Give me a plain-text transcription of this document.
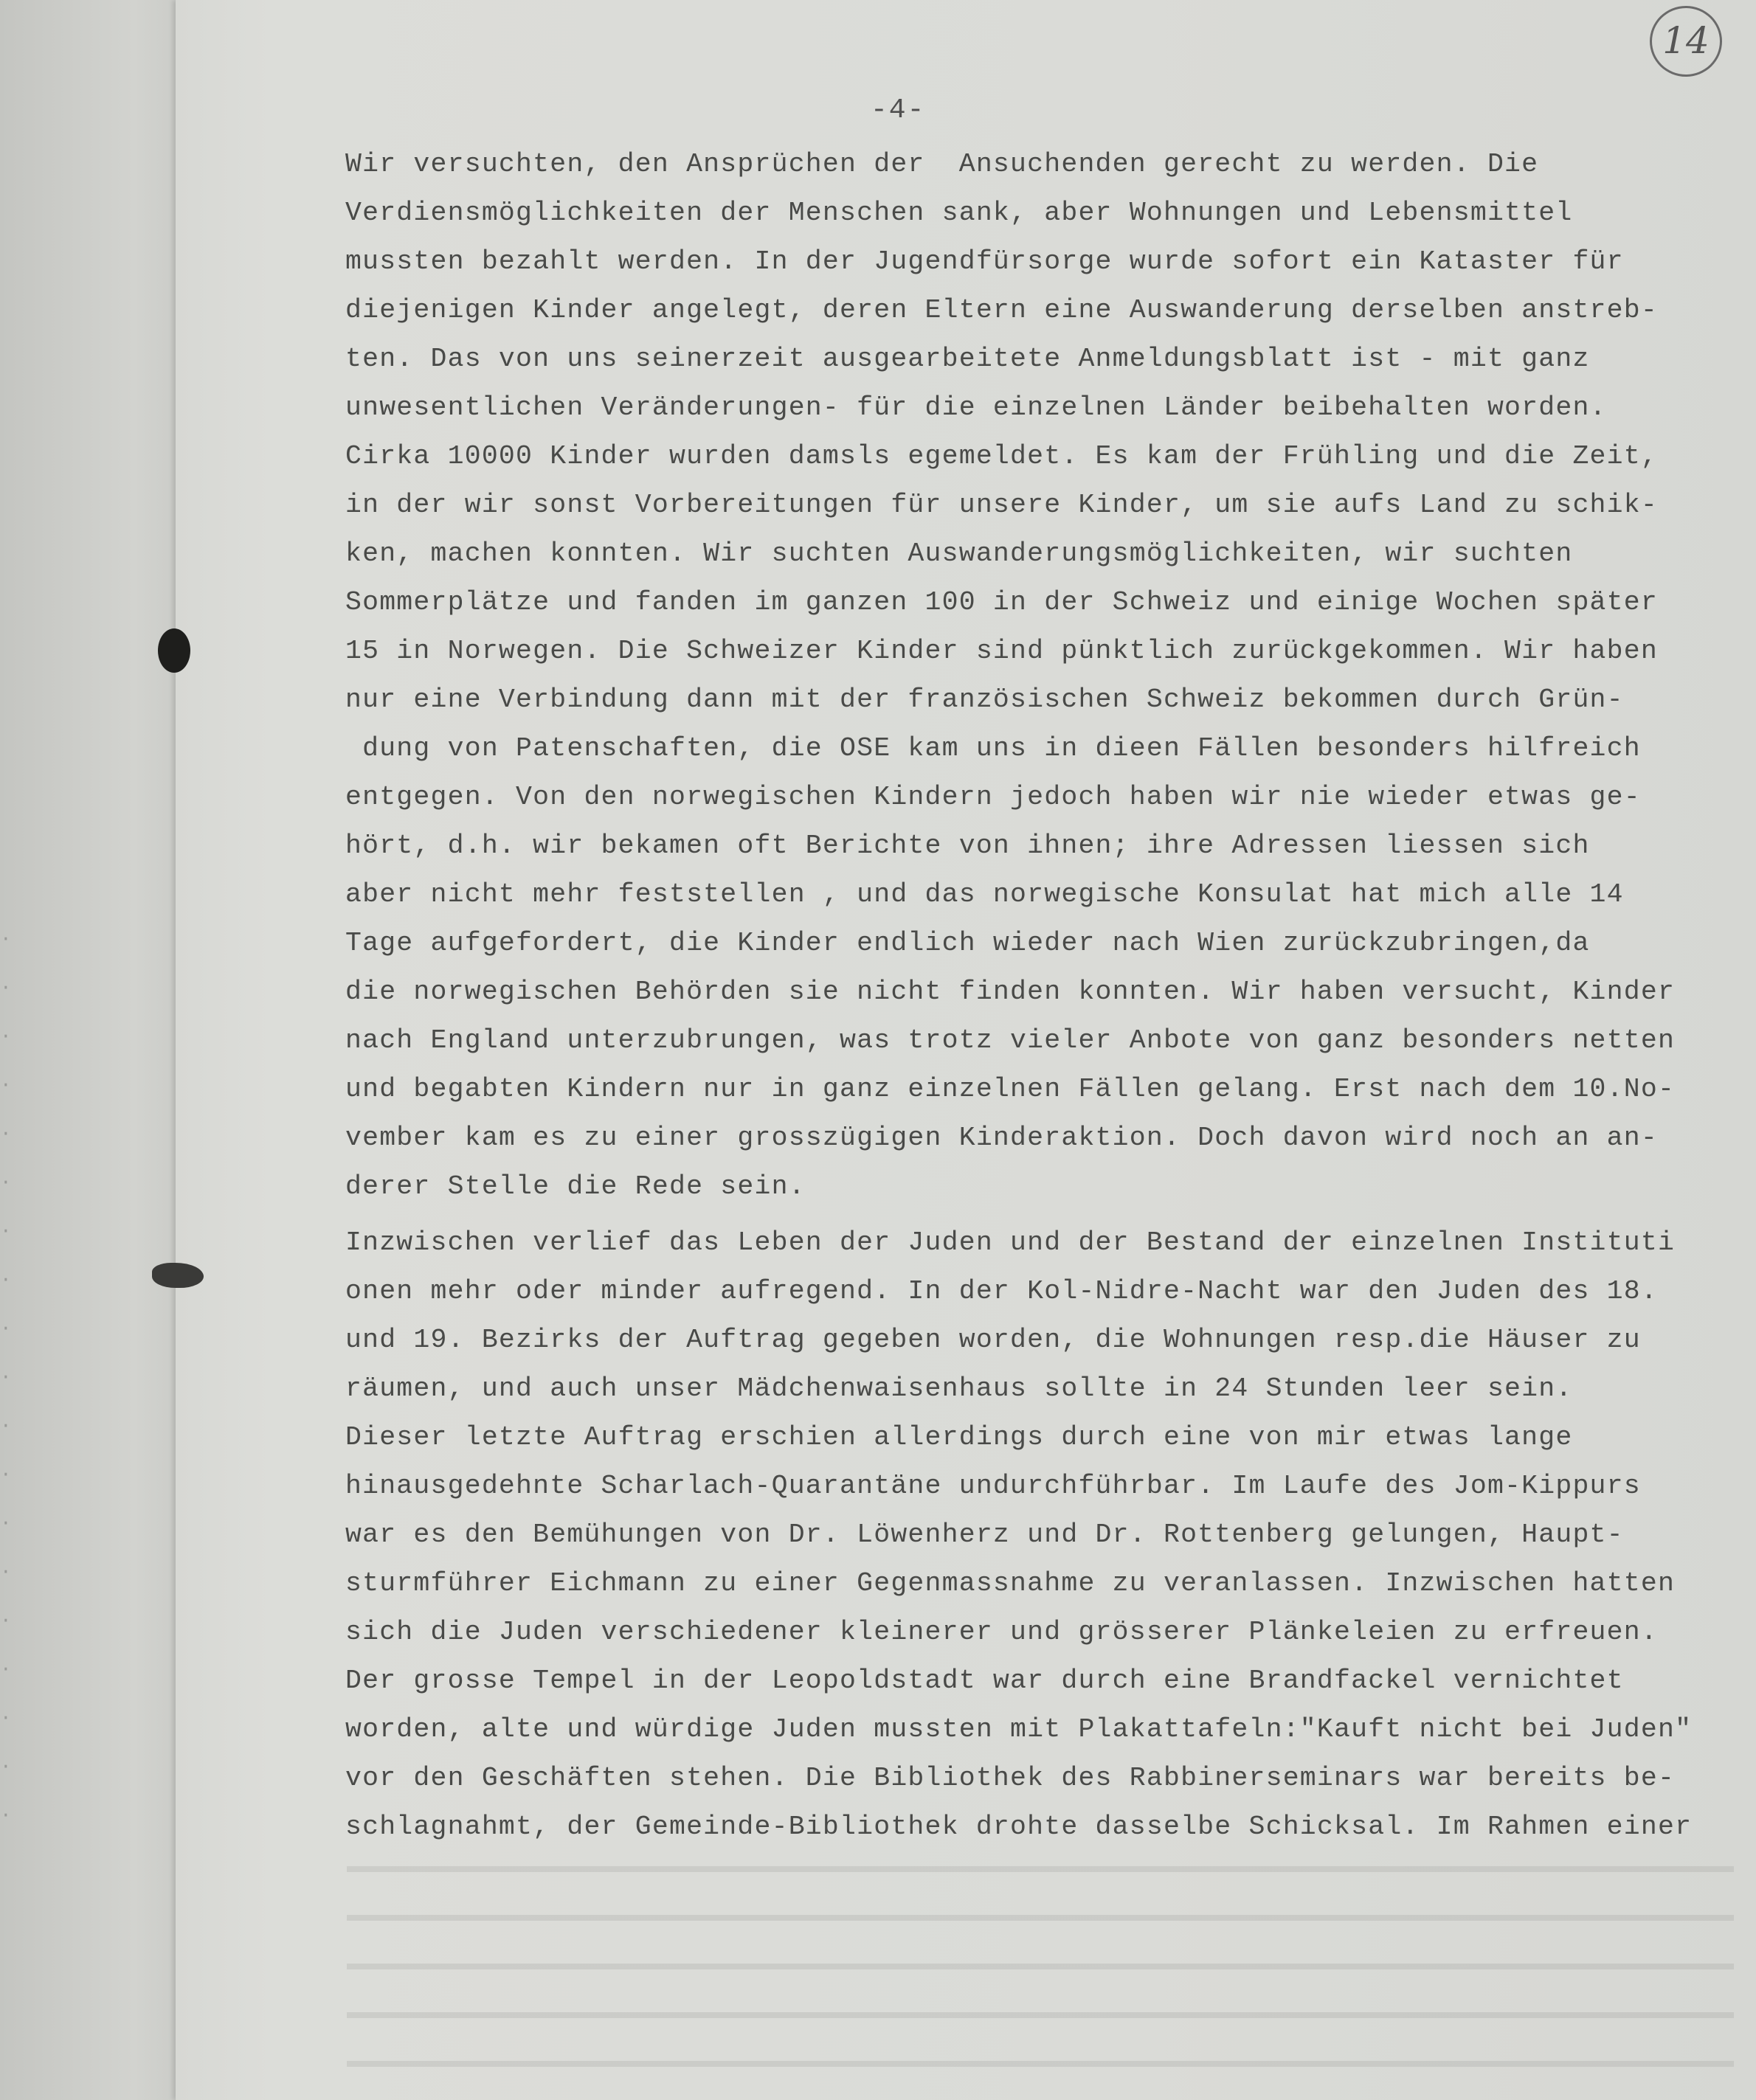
·
·
·
·
·
·
·
·
·
·
·
·
·
·
·
·
·
·
·
14
-4-
Wir versuchten, den Ansprüchen der  Ansuchenden gerecht zu werden. Die
Verdiensmöglichkeiten der Menschen sank, aber Wohnungen und Lebensmittel
mussten bezahlt werden. In der Jugendfürsorge wurde sofort ein Kataster für
diejenigen Kinder angelegt, deren Eltern eine Auswanderung derselben anstreb-
ten. Das von uns seinerzeit ausgearbeitete Anmeldungsblatt ist - mit ganz
unwesentlichen Veränderungen- für die einzelnen Länder beibehalten worden.
Cirka 10000 Kinder wurden damsls egemeldet. Es kam der Frühling und die Zeit,
in der wir sonst Vorbereitungen für unsere Kinder, um sie aufs Land zu schik-
ken, machen konnten. Wir suchten Auswanderungsmöglichkeiten, wir suchten
Sommerplätze und fanden im ganzen 100 in der Schweiz und einige Wochen später
15 in Norwegen. Die Schweizer Kinder sind pünktlich zurückgekommen. Wir haben
nur eine Verbindung dann mit der französischen Schweiz bekommen durch Grün-
dung von Patenschaften, die OSE kam uns in dieen Fällen besonders hilfreich
entgegen. Von den norwegischen Kindern jedoch haben wir nie wieder etwas ge-
hört, d.h. wir bekamen oft Berichte von ihnen; ihre Adressen liessen sich
aber nicht mehr feststellen , und das norwegische Konsulat hat mich alle 14
Tage aufgefordert, die Kinder endlich wieder nach Wien zurückzubringen,da
die norwegischen Behörden sie nicht finden konnten. Wir haben versucht, Kinder
nach England unterzubrungen, was trotz vieler Anbote von ganz besonders netten
und begabten Kindern nur in ganz einzelnen Fällen gelang. Erst nach dem 10.No-
vember kam es zu einer grosszügigen Kinderaktion. Doch davon wird noch an an-
derer Stelle die Rede sein.
Inzwischen verlief das Leben der Juden und der Bestand der einzelnen Instituti
onen mehr oder minder aufregend. In der Kol-Nidre-Nacht war den Juden des 18.
und 19. Bezirks der Auftrag gegeben worden, die Wohnungen resp.die Häuser zu
räumen, und auch unser Mädchenwaisenhaus sollte in 24 Stunden leer sein.
Dieser letzte Auftrag erschien allerdings durch eine von mir etwas lange
hinausgedehnte Scharlach-Quarantäne undurchführbar. Im Laufe des Jom-Kippurs
war es den Bemühungen von Dr. Löwenherz und Dr. Rottenberg gelungen, Haupt-
sturmführer Eichmann zu einer Gegenmassnahme zu veranlassen. Inzwischen hatten
sich die Juden verschiedener kleinerer und grösserer Plänkeleien zu erfreuen.
Der grosse Tempel in der Leopoldstadt war durch eine Brandfackel vernichtet
worden, alte und würdige Juden mussten mit Plakattafeln:"Kauft nicht bei Juden"
vor den Geschäften stehen. Die Bibliothek des Rabbinerseminars war bereits be-
schlagnahmt, der Gemeinde-Bibliothek drohte dasselbe Schicksal. Im Rahmen einer
